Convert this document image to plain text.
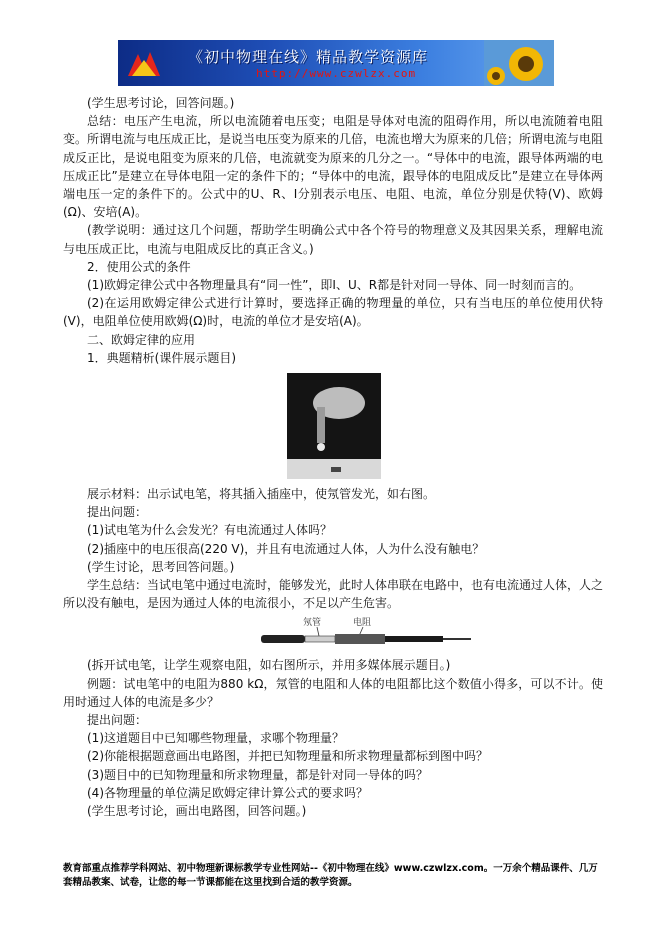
《初中物理在线》精品教学资源库
http://www.czwlzx.com

(学生思考讨论，回答问题。)

总结：电压产生电流，所以电流随着电压变；电阻是导体对电流的阻碍作用，所以电流随着电阻变。所谓电流与电压成正比，是说当电压变为原来的几倍，电流也增大为原来的几倍；所谓电流与电阻成反正比，是说电阻变为原来的几倍，电流就变为原来的几分之一。“导体中的电流，跟导体两端的电压成正比”是建立在导体电阻一定的条件下的；“导体中的电流，跟导体的电阻成反比”是建立在导体两端电压一定的条件下的。公式中的U、R、I分别表示电压、电阻、电流，单位分别是伏特(V)、欧姆(Ω)、安培(A)。

(教学说明：通过这几个问题，帮助学生明确公式中各个符号的物理意义及其因果关系，理解电流与电压成正比，电流与电阻成反比的真正含义。)

2．使用公式的条件

(1)欧姆定律公式中各物理量具有“同一性”，即I、U、R都是针对同一导体、同一时刻而言的。

(2)在运用欧姆定律公式进行计算时，要选择正确的物理量的单位，只有当电压的单位使用伏特(V)，电阻单位使用欧姆(Ω)时，电流的单位才是安培(A)。

二、欧姆定律的应用

1．典题精析(课件展示题目)

展示材料：出示试电笔，将其插入插座中，使氖管发光，如右图。

提出问题：

(1)试电笔为什么会发光？有电流通过人体吗？

(2)插座中的电压很高(220 V)，并且有电流通过人体，人为什么没有触电？

(学生讨论，思考回答问题。)

学生总结：当试电笔中通过电流时，能够发光，此时人体串联在电路中，也有电流通过人体，人之所以没有触电，是因为通过人体的电流很小，不足以产生危害。

氖管	电阻

(拆开试电笔，让学生观察电阻，如右图所示，并用多媒体展示题目。)

例题：试电笔中的电阻为880 kΩ，氖管的电阻和人体的电阻都比这个数值小得多，可以不计。使用时通过人体的电流是多少？

提出问题：

(1)这道题目中已知哪些物理量，求哪个物理量？

(2)你能根据题意画出电路图，并把已知物理量和所求物理量都标到图中吗？

(3)题目中的已知物理量和所求物理量，都是针对同一导体的吗？

(4)各物理量的单位满足欧姆定律计算公式的要求吗？

(学生思考讨论，画出电路图，回答问题。)

教育部重点推荐学科网站、初中物理新课标教学专业性网站--《初中物理在线》www.czwlzx.com。一万余个精品课件、几万套精品教案、试卷，让您的每一节课都能在这里找到合适的教学资源。
